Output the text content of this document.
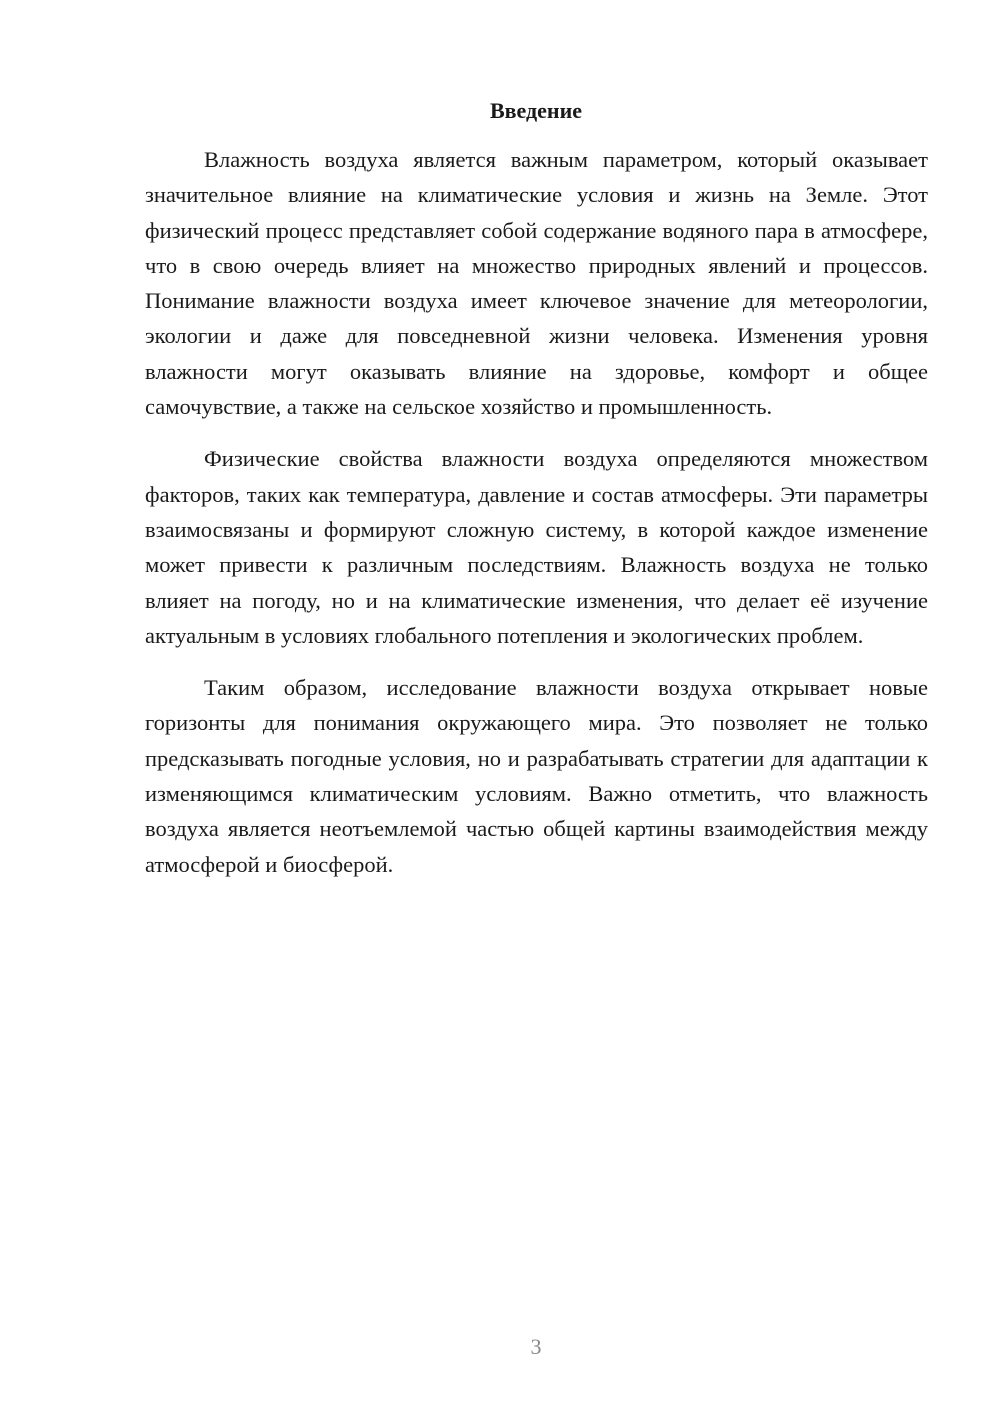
Введение

Влажность воздуха является важным параметром, который оказывает значительное влияние на климатические условия и жизнь на Земле. Этот физический процесс представляет собой содержание водяного пара в атмосфере, что в свою очередь влияет на множество природных явлений и процессов. Понимание влажности воздуха имеет ключевое значение для метеорологии, экологии и даже для повседневной жизни человека. Изменения уровня влажности могут оказывать влияние на здоровье, комфорт и общее самочувствие, а также на сельское хозяйство и промышленность.

Физические свойства влажности воздуха определяются множеством факторов, таких как температура, давление и состав атмосферы. Эти параметры взаимосвязаны и формируют сложную систему, в которой каждое изменение может привести к различным последствиям. Влажность воздуха не только влияет на погоду, но и на климатические изменения, что делает её изучение актуальным в условиях глобального потепления и экологических проблем.

Таким образом, исследование влажности воздуха открывает новые горизонты для понимания окружающего мира. Это позволяет не только предсказывать погодные условия, но и разрабатывать стратегии для адаптации к изменяющимся климатическим условиям. Важно отметить, что влажность воздуха является неотъемлемой частью общей картины взаимодействия между атмосферой и биосферой.

3
